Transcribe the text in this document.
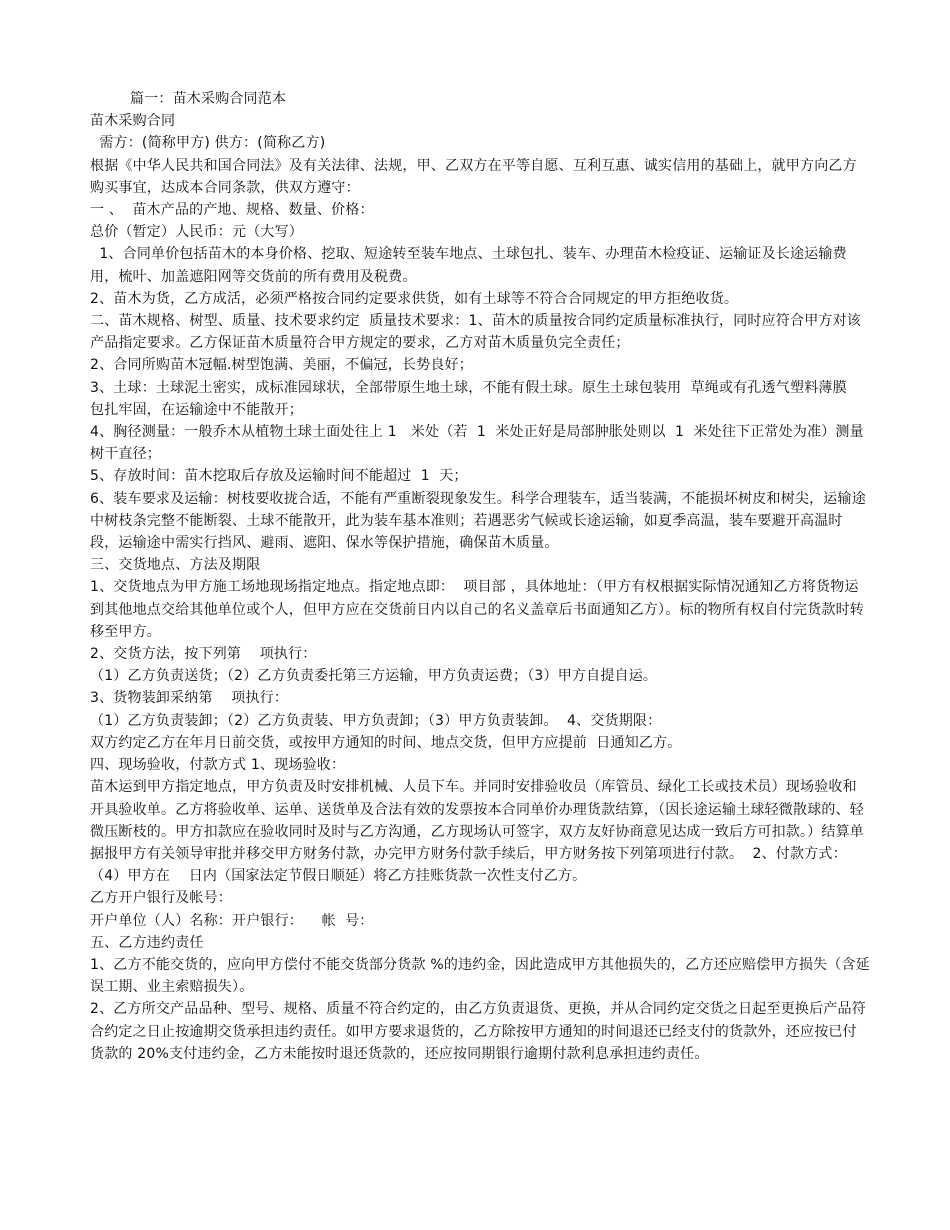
篇一：苗木采购合同范本

苗木采购合同

需方：(简称甲方) 供方：(简称乙方)

根据《中华人民共和国合同法》及有关法律、法规，甲、乙双方在平等自愿、互利互惠、诚实信用的基础上，就甲方向乙方购买事宜，达成本合同条款，供双方遵守：

一 、  苗木产品的产地、规格、数量、价格：

总价（暂定）人民币：元（大写）

1、合同单价包括苗木的本身价格、挖取、短途转至装车地点、土球包扎、装车、办理苗木检疫证、运输证及长途运输费用，梳叶、加盖遮阳网等交货前的所有费用及税费。

2、苗木为货，乙方成活，必须严格按合同约定要求供货，如有土球等不符合合同规定的甲方拒绝收货。

二、苗木规格、树型、质量、技术要求约定  质量技术要求：1、苗木的质量按合同约定质量标准执行，同时应符合甲方对该产品指定要求。乙方保证苗木质量符合甲方规定的要求，乙方对苗木质量负完全责任；

2、合同所购苗木冠幅.树型饱满、美丽，不偏冠，长势良好；

3、土球：土球泥土密实，成标准园球状，全部带原生地土球，不能有假土球。原生土球包装用  草绳或有孔透气塑料薄膜  包扎牢固，在运输途中不能散开；

4、胸径测量：一般乔木从植物土球土面处往上 1   米处（若  1  米处正好是局部肿胀处则以  1  米处往下正常处为准）测量树干直径；

5、存放时间：苗木挖取后存放及运输时间不能超过  1  天；

6、装车要求及运输：树枝要收拢合适，不能有严重断裂现象发生。科学合理装车，适当装满，不能损坏树皮和树尖，运输途中树枝条完整不能断裂、土球不能散开，此为装车基本准则；若遇恶劣气候或长途运输，如夏季高温，装车要避开高温时段，运输途中需实行挡风、避雨、遮阳、保水等保护措施，确保苗木质量。

三、交货地点、方法及期限

1、交货地点为甲方施工场地现场指定地点。指定地点即：  项目部 ，具体地址：（甲方有权根据实际情况通知乙方将货物运到其他地点交给其他单位或个人，但甲方应在交货前日内以自己的名义盖章后书面通知乙方）。标的物所有权自付完货款时转移至甲方。

2、交货方法，按下列第    项执行：

（1）乙方负责送货；（2）乙方负责委托第三方运输，甲方负责运费；（3）甲方自提自运。

3、货物装卸采纳第    项执行：

（1）乙方负责装卸；（2）乙方负责装、甲方负责卸；（3）甲方负责装卸。  4、交货期限：

双方约定乙方在年月日前交货，或按甲方通知的时间、地点交货，但甲方应提前  日通知乙方。

四、现场验收，付款方式 1、现场验收：

苗木运到甲方指定地点，甲方负责及时安排机械、人员下车。并同时安排验收员（库管员、绿化工长或技术员）现场验收和开具验收单。乙方将验收单、运单、送货单及合法有效的发票按本合同单价办理货款结算，（因长途运输土球轻微散球的、轻微压断枝的。甲方扣款应在验收同时及时与乙方沟通，乙方现场认可签字，双方友好协商意见达成一致后方可扣款。）结算单据报甲方有关领导审批并移交甲方财务付款，办完甲方财务付款手续后，甲方财务按下列第项进行付款。  2、付款方式：

（4）甲方在    日内（国家法定节假日顺延）将乙方挂账货款一次性支付乙方。

乙方开户银行及帐号：

开户单位（人）名称：开户银行：    帐  号：

五、乙方违约责任

1、乙方不能交货的，应向甲方偿付不能交货部分货款 %的违约金，因此造成甲方其他损失的，乙方还应赔偿甲方损失（含延误工期、业主索赔损失）。

2、乙方所交产品品种、型号、规格、质量不符合约定的，由乙方负责退货、更换，并从合同约定交货之日起至更换后产品符合约定之日止按逾期交货承担违约责任。如甲方要求退货的，乙方除按甲方通知的时间退还已经支付的货款外，还应按已付货款的 20%支付违约金，乙方未能按时退还货款的，还应按同期银行逾期付款利息承担违约责任。
